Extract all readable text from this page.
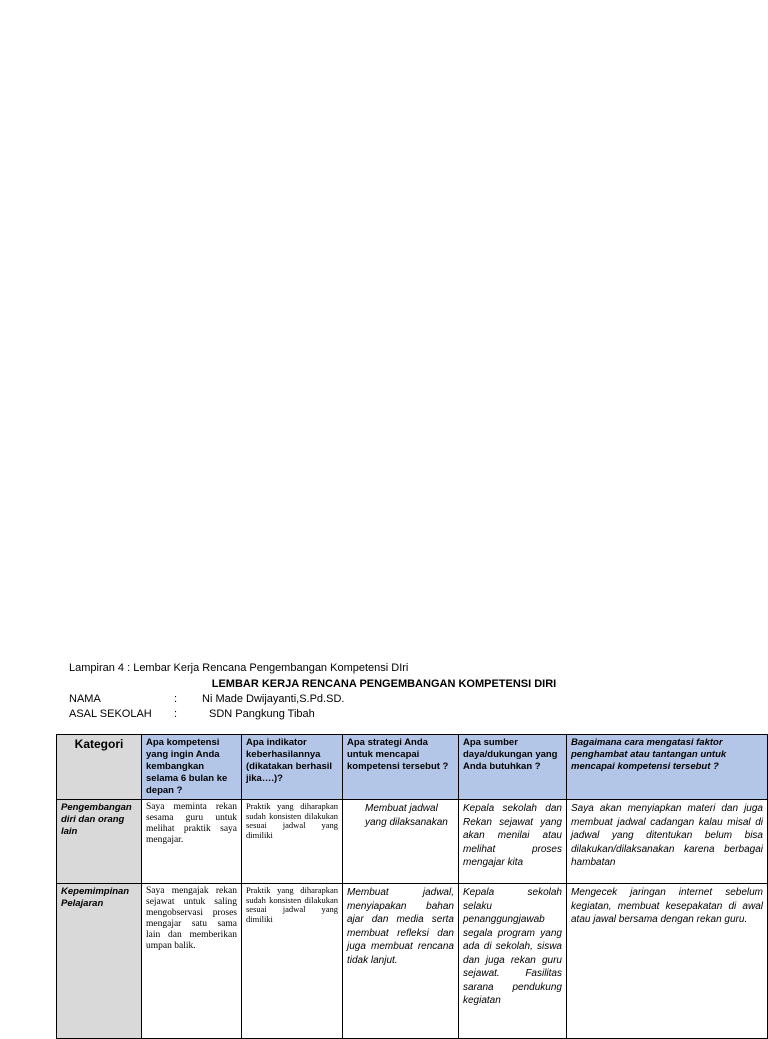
Lampiran 4 : Lembar Kerja Rencana Pengembangan Kompetensi DIri
LEMBAR KERJA RENCANA PENGEMBANGAN KOMPETENSI DIRI
NAMA	: Ni Made Dwijayanti,S.Pd.SD.
ASAL SEKOLAH :	SDN Pangkung Tibah
Kategori	Apa kompetensi yang ingin Anda kembangkan selama 6 bulan ke depan ?	Apa indikator keberhasilannya (dikatakan berhasil jika….)?	Apa strategi Anda untuk mencapai kompetensi tersebut ?	Apa sumber daya/dukungan yang Anda butuhkan ?	Bagaimana cara mengatasi faktor penghambat atau tantangan untuk mencapai kompetensi tersebut ?
Pengembangan diri dan orang lain	Saya meminta rekan sesama guru untuk melihat praktik saya mengajar.	Praktik yang diharapkan sudah konsisten dilakukan sesuai jadwal yang dimiliki	Membuat jadwal yang dilaksanakan	Kepala sekolah dan Rekan sejawat yang akan menilai atau melihat proses mengajar kita	Saya akan menyiapkan materi dan juga membuat jadwal cadangan kalau misal di jadwal yang ditentukan belum bisa dilakukan/dilaksanakan karena berbagai hambatan
Kepemimpinan Pelajaran	Saya mengajak rekan sejawat untuk saling mengobservasi proses mengajar satu sama lain dan memberikan umpan balik.	Praktik yang diharapkan sudah konsisten dilakukan sesuai jadwal yang dimiliki	Membuat jadwal, menyiapakan bahan ajar dan media serta membuat refleksi dan juga membuat rencana tidak lanjut.	Kepala sekolah selaku penanggungjawab segala program yang ada di sekolah, siswa dan juga rekan guru sejawat. Fasilitas sarana pendukung kegiatan	Mengecek jaringan internet sebelum kegiatan, membuat kesepakatan di awal atau jawal bersama dengan rekan guru.
